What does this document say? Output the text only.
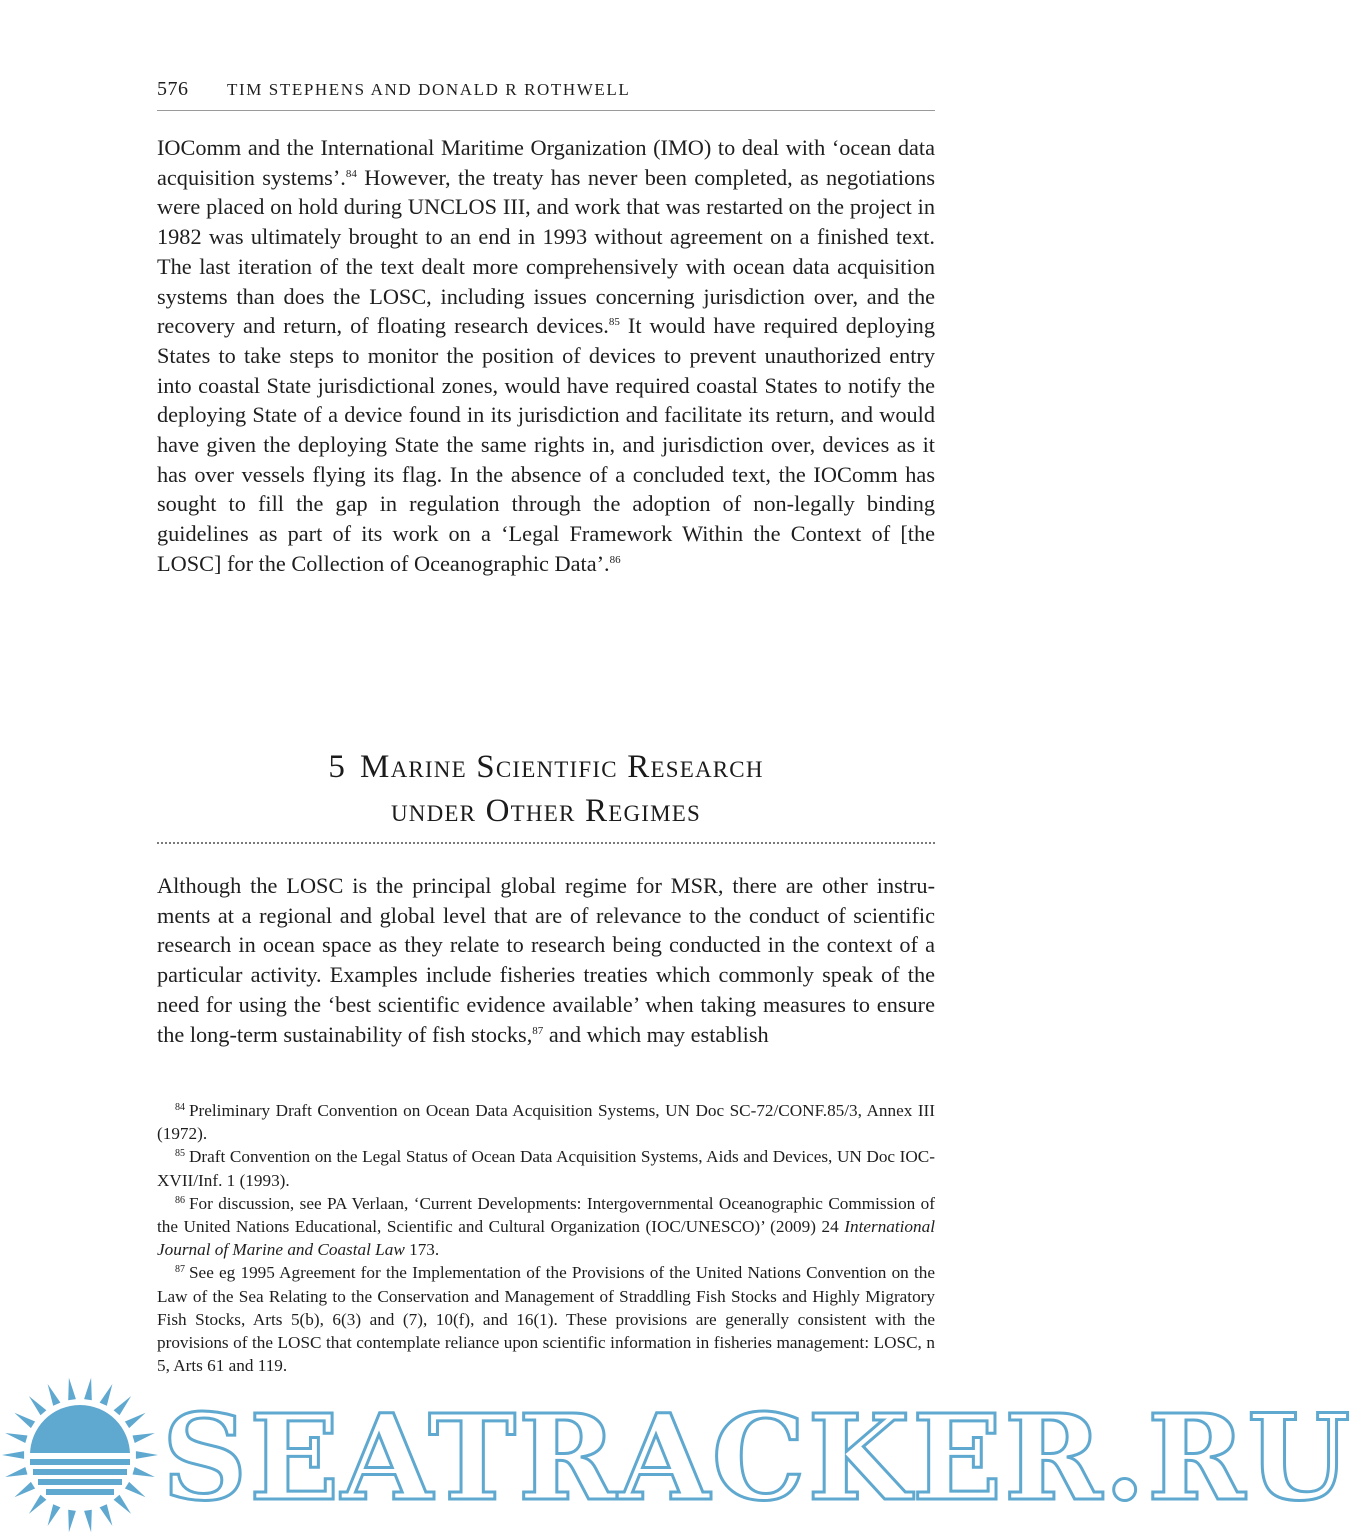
576 TIM STEPHENS AND DONALD R ROTHWELL

IOComm and the International Maritime Organization (IMO) to deal with ‘ocean data acquisition systems’.$^{84}$ However, the treaty has never been completed, as negotiations were placed on hold during UNCLOS III, and work that was restarted on the project in 1982 was ultimately brought to an end in 1993 without agreement on a finished text. The last iteration of the text dealt more comprehensively with ocean data acquisition systems than does the LOSC, including issues concerning jurisdiction over, and the recovery and return, of floating research devices.$^{85}$ It would have required deploying States to take steps to monitor the position of devices to prevent unauthorized entry into coastal State jurisdictional zones, would have required coastal States to notify the deploying State of a device found in its jurisdiction and facilitate its return, and would have given the deploying State the same rights in, and jurisdiction over, devices as it has over vessels flying its flag. In the absence of a concluded text, the IOComm has sought to fill the gap in regulation through the adoption of non-legally binding guidelines as part of its work on a ‘Legal Framework Within the Context of [the LOSC] for the Collection of Oceanographic Data’.$^{86}$

5 Marine Scientific Research
under Other Regimes

Although the LOSC is the principal global regime for MSR, there are other instruments at a regional and global level that are of relevance to the conduct of scientific research in ocean space as they relate to research being conducted in the context of a particular activity. Examples include fisheries treaties which commonly speak of the need for using the ‘best scientific evidence available’ when taking measures to ensure the long-term sustainability of fish stocks,$^{87}$ and which may establish

$^{84}$ Preliminary Draft Convention on Ocean Data Acquisition Systems, UN Doc SC-72/CONF.85/3, Annex III (1972).

$^{85}$ Draft Convention on the Legal Status of Ocean Data Acquisition Systems, Aids and Devices, UN Doc IOC-XVII/Inf. 1 (1993).

$^{86}$ For discussion, see PA Verlaan, ‘Current Developments: Intergovernmental Oceanographic Commission of the United Nations Educational, Scientific and Cultural Organization (IOC/UNESCO)’ (2009) 24 International Journal of Marine and Coastal Law 173.

$^{87}$ See eg 1995 Agreement for the Implementation of the Provisions of the United Nations Convention on the Law of the Sea Relating to the Conservation and Management of Straddling Fish Stocks and Highly Migratory Fish Stocks, Arts 5(b), 6(3) and (7), 10(f), and 16(1). These provisions are generally consistent with the provisions of the LOSC that contemplate reliance upon scientific information in fisheries management: LOSC, n 5, Arts 61 and 119.

SEATRACKER.RU
